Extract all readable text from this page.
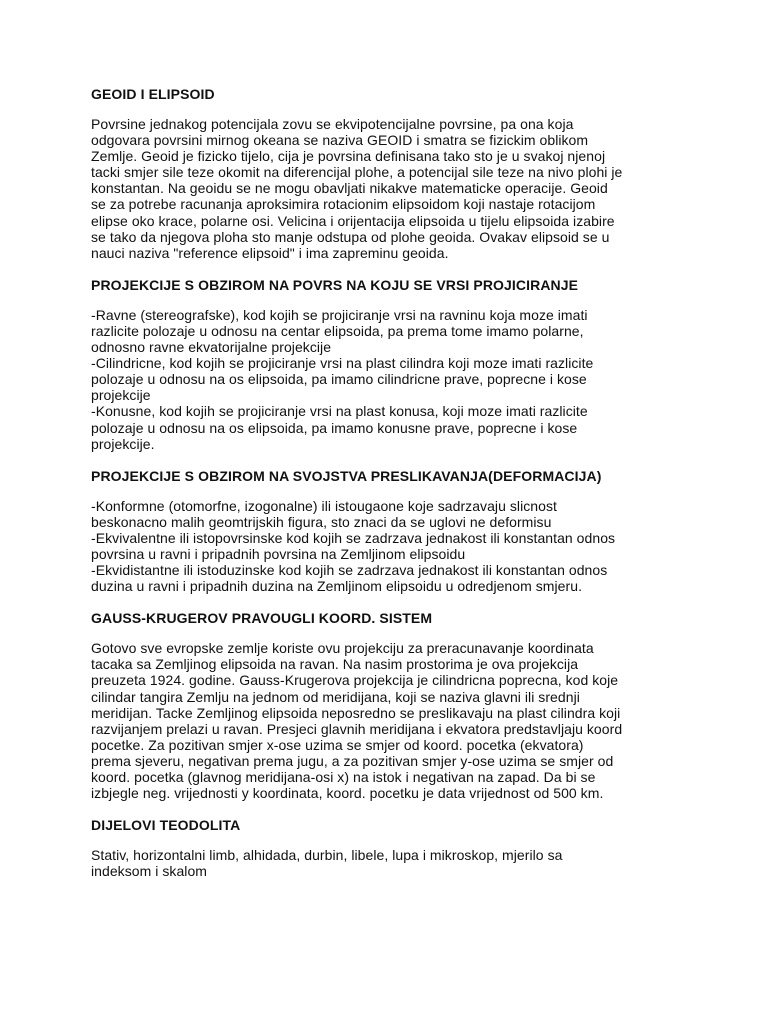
GEOID I ELIPSOID

Povrsine jednakog potencijala zovu se ekvipotencijalne povrsine, pa ona koja

odgovara povrsini mirnog okeana se naziva GEOID i smatra se fizickim oblikom

Zemlje. Geoid je fizicko tijelo, cija je povrsina definisana tako sto je u svakoj njenoj

tacki smjer sile teze okomit na diferencijal plohe, a potencijal sile teze na nivo plohi je

konstantan. Na geoidu se ne mogu obavljati nikakve matematicke operacije. Geoid

se za potrebe racunanja aproksimira rotacionim elipsoidom koji nastaje rotacijom

elipse oko krace, polarne osi. Velicina i orijentacija elipsoida u tijelu elipsoida izabire

se tako da njegova ploha sto manje odstupa od plohe geoida. Ovakav elipsoid se u

nauci naziva "reference elipsoid" i ima zapreminu geoida.

PROJEKCIJE S OBZIROM NA POVRS NA KOJU SE VRSI PROJICIRANJE

-Ravne (stereografske), kod kojih se projiciranje vrsi na ravninu koja moze imati

razlicite polozaje u odnosu na centar elipsoida, pa prema tome imamo polarne,

odnosno ravne ekvatorijalne projekcije

-Cilindricne, kod kojih se projiciranje vrsi na plast cilindra koji moze imati razlicite

polozaje u odnosu na os elipsoida, pa imamo cilindricne prave, poprecne i kose

projekcije

-Konusne, kod kojih se projiciranje vrsi na plast konusa, koji moze imati razlicite

polozaje u odnosu na os elipsoida, pa imamo konusne prave, poprecne i kose

projekcije.

PROJEKCIJE S OBZIROM NA SVOJSTVA PRESLIKAVANJA(DEFORMACIJA)

-Konformne (otomorfne, izogonalne) ili istougaone koje sadrzavaju slicnost

beskonacno malih geomtrijskih figura, sto znaci da se uglovi ne deformisu

-Ekvivalentne ili istopovrsinske kod kojih se zadrzava jednakost ili konstantan odnos

povrsina u ravni i pripadnih povrsina na Zemljinom elipsoidu

-Ekvidistantne ili istoduzinske kod kojih se zadrzava jednakost ili konstantan odnos

duzina u ravni i pripadnih duzina na Zemljinom elipsoidu u odredjenom smjeru.

GAUSS-KRUGEROV PRAVOUGLI KOORD. SISTEM

Gotovo sve evropske zemlje koriste ovu projekciju za preracunavanje koordinata

tacaka sa Zemljinog elipsoida na ravan. Na nasim prostorima je ova projekcija

preuzeta 1924. godine. Gauss-Krugerova projekcija je cilindricna poprecna, kod koje

cilindar tangira Zemlju na jednom od meridijana, koji se naziva glavni ili srednji

meridijan. Tacke Zemljinog elipsoida neposredno se preslikavaju na plast cilindra koji

razvijanjem prelazi u ravan. Presjeci glavnih meridijana i ekvatora predstavljaju koord

pocetke. Za pozitivan smjer x-ose uzima se smjer od koord. pocetka (ekvatora)

prema sjeveru, negativan prema jugu, a za pozitivan smjer y-ose uzima se smjer od

koord. pocetka (glavnog meridijana-osi x) na istok i negativan na zapad. Da bi se

izbjegle neg. vrijednosti y koordinata, koord. pocetku je data vrijednost od 500 km.

DIJELOVI TEODOLITA

Stativ, horizontalni limb, alhidada, durbin, libele, lupa i mikroskop, mjerilo sa

indeksom i skalom
